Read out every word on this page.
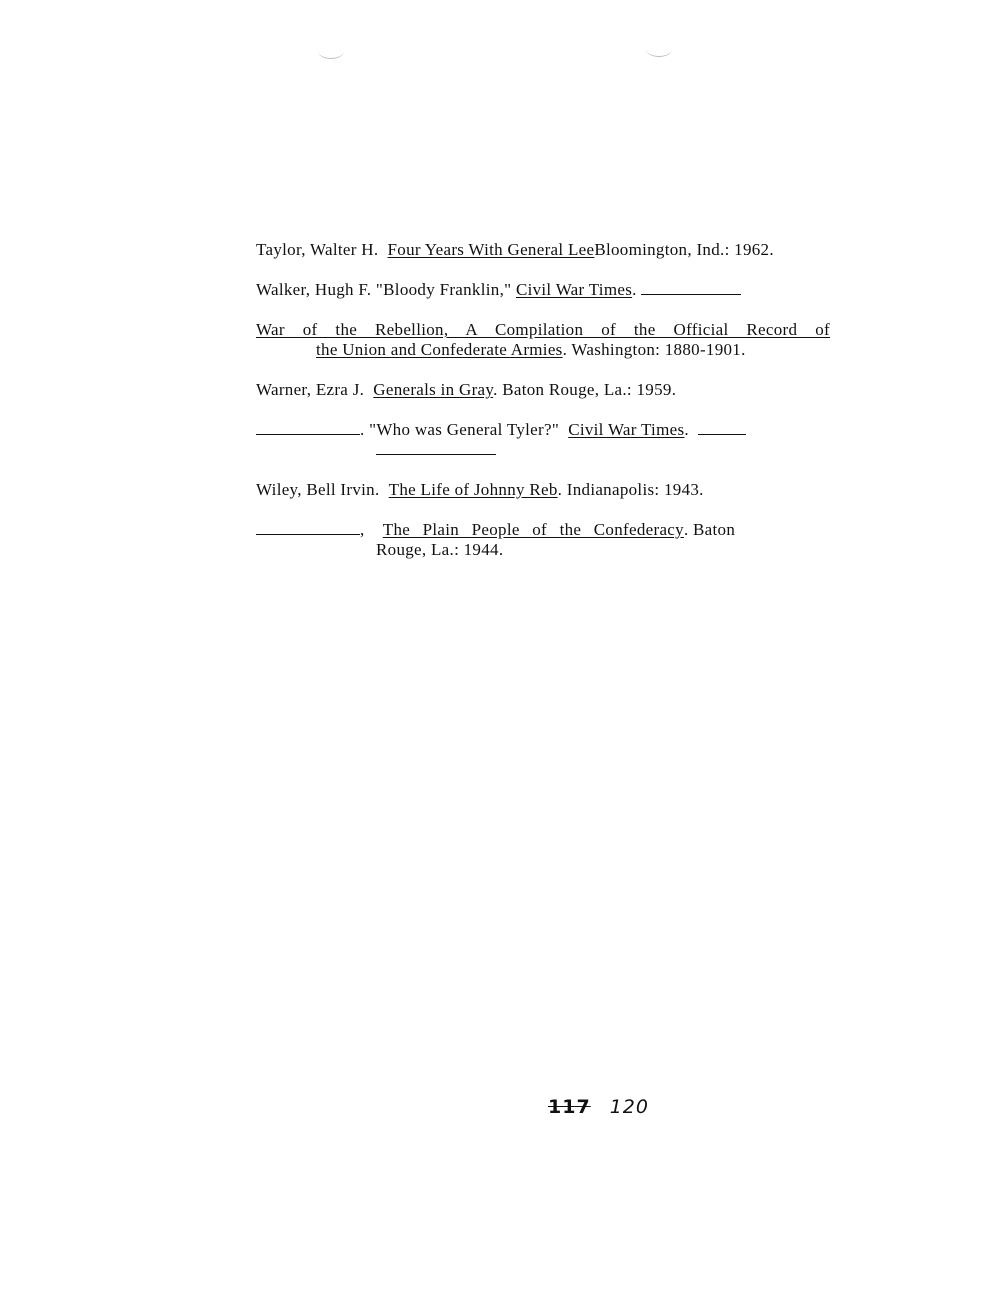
Taylor, Walter H. Four Years With General LeeBloomington, Ind.: 1962.
Walker, Hugh F. "Bloody Franklin," Civil War Times.
War of the Rebellion, A Compilation of the Official Record of
the Union and Confederate Armies. Washington: 1880-1901.
Warner, Ezra J. Generals in Gray. Baton Rouge, La.: 1959.
. "Who was General Tyler?" Civil War Times.
Wiley, Bell Irvin. The Life of Johnny Reb. Indianapolis: 1943.
, The Plain People of the Confederacy. Baton
Rouge, La.: 1944.
117 120
